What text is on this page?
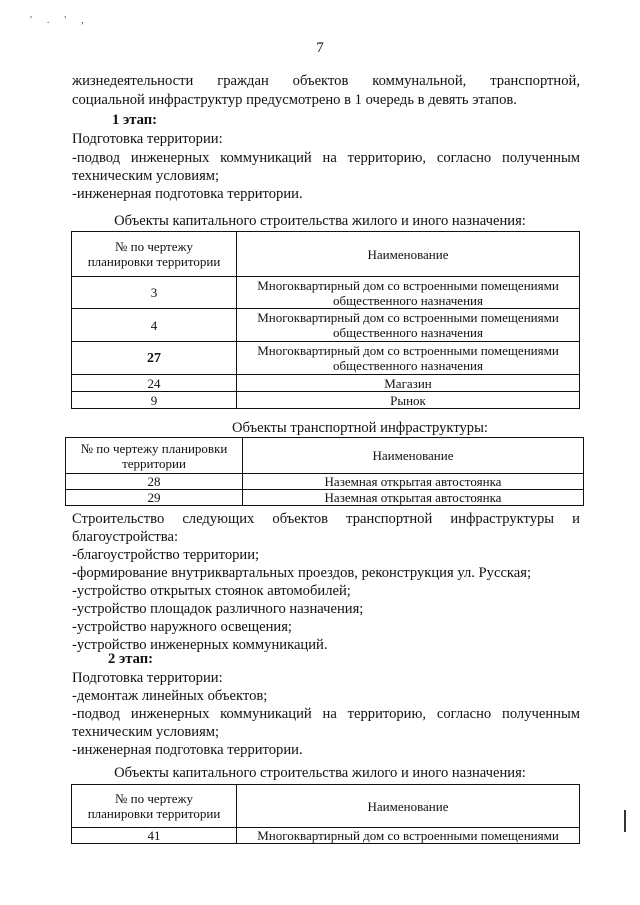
' . ' ,
7
жизнедеятельности граждан объектов коммунальной, транспортной,
социальной инфраструктур предусмотрено в 1 очередь в девять этапов.
1 этап:
Подготовка территории:
-подвод инженерных коммуникаций на территорию, согласно полученным
техническим условиям;
-инженерная подготовка территории.
Объекты капитального строительства жилого и иного назначения:
№ по чертежу
планировки территории	Наименование
3	Многоквартирный дом со встроенными помещениями
общественного назначения
4	Многоквартирный дом со встроенными помещениями
общественного назначения
27	Многоквартирный дом со встроенными помещениями
общественного назначения
24	Магазин
9	Рынок
Объекты транспортной инфраструктуры:
№ по чертежу планировки
территории	Наименование
28	Наземная открытая автостоянка
29	Наземная открытая автостоянка
Строительство следующих объектов транспортной инфраструктуры и
благоустройства:
-благоустройство территории;
-формирование внутриквартальных проездов, реконструкция ул. Русская;
-устройство открытых стоянок автомобилей;
-устройство площадок различного назначения;
-устройство наружного освещения;
-устройство инженерных коммуникаций.
2 этап:
Подготовка территории:
-демонтаж линейных объектов;
-подвод инженерных коммуникаций на территорию, согласно полученным
техническим условиям;
-инженерная подготовка территории.
Объекты капитального строительства жилого и иного назначения:
№ по чертежу
планировки территории	Наименование
41	Многоквартирный дом со встроенными помещениями
